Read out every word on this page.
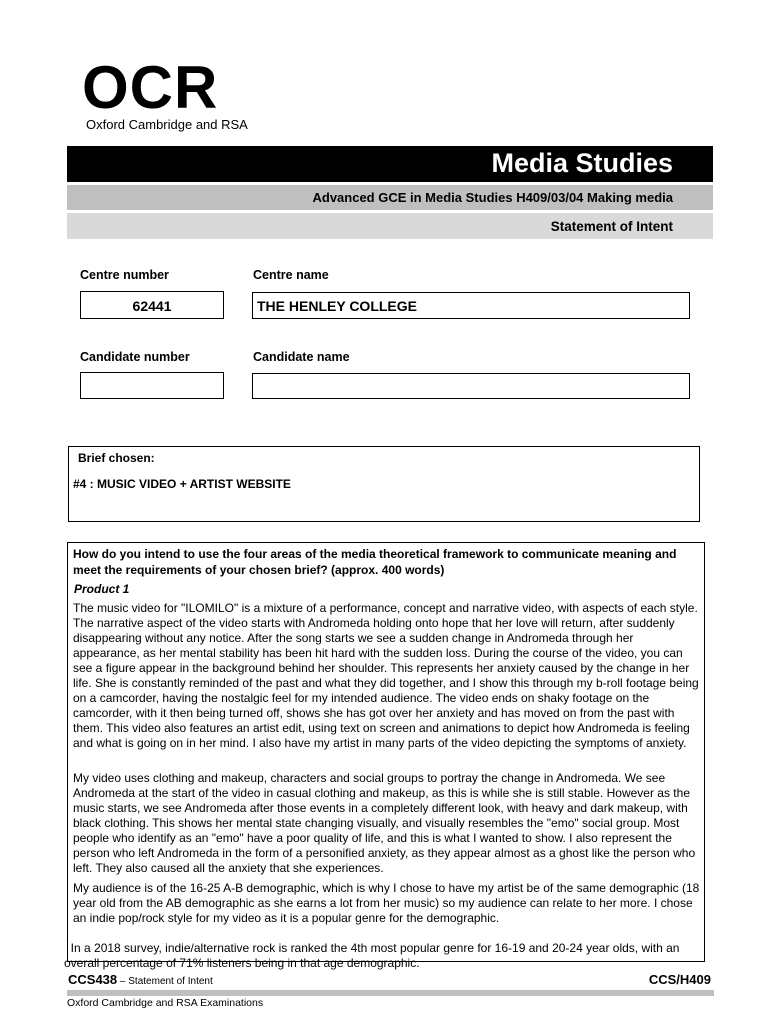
OCR
Oxford Cambridge and RSA
Media Studies
Advanced GCE in Media Studies H409/03/04 Making media
Statement of Intent
Centre number	Centre name
62441	THE HENLEY COLLEGE
Candidate number	Candidate name
Brief chosen:
#4 : MUSIC VIDEO + ARTIST WEBSITE
How do you intend to use the four areas of the media theoretical framework to communicate meaning and meet the requirements of your chosen brief? (approx. 400 words)
Product 1
The music video for "ILOMILO" is a mixture of a performance, concept and narrative video, with aspects of each style. The narrative aspect of the video starts with Andromeda holding onto hope that her love will return, after suddenly disappearing without any notice. After the song starts we see a sudden change in Andromeda through her appearance, as her mental stability has been hit hard with the sudden loss. During the course of the video, you can see a figure appear in the background behind her shoulder. This represents her anxiety caused by the change in her life. She is constantly reminded of the past and what they did together, and I show this through my b-roll footage being on a camcorder, having the nostalgic feel for my intended audience. The video ends on shaky footage on the camcorder, with it then being turned off, shows she has got over her anxiety and has moved on from the past with them. This video also features an artist edit, using text on screen and animations to depict how Andromeda is feeling and what is going on in her mind. I also have my artist in many parts of the video depicting the symptoms of anxiety.
My video uses clothing and makeup, characters and social groups to portray the change in Andromeda. We see Andromeda at the start of the video in casual clothing and makeup, as this is while she is still stable. However as the music starts, we see Andromeda after those events in a completely different look, with heavy and dark makeup, with black clothing. This shows her mental state changing visually, and visually resembles the "emo" social group. Most people who identify as an "emo" have a poor quality of life, and this is what I wanted to show. I also represent the person who left Andromeda in the form of a personified anxiety, as they appear almost as a ghost like the person who left. They also caused all the anxiety that she experiences.
My audience is of the 16-25 A-B demographic, which is why I chose to have my artist be of the same demographic (18 year old from the AB demographic as she earns a lot from her music) so my audience can relate to her more. I chose an indie pop/rock style for my video as it is a popular genre for the demographic.
In a 2018 survey, indie/alternative rock is ranked the 4th most popular genre for 16-19 and 20-24 year olds, with an overall percentage of 71% listeners being in that age demographic.
CCS438 – Statement of Intent	CCS/H409
Oxford Cambridge and RSA Examinations
